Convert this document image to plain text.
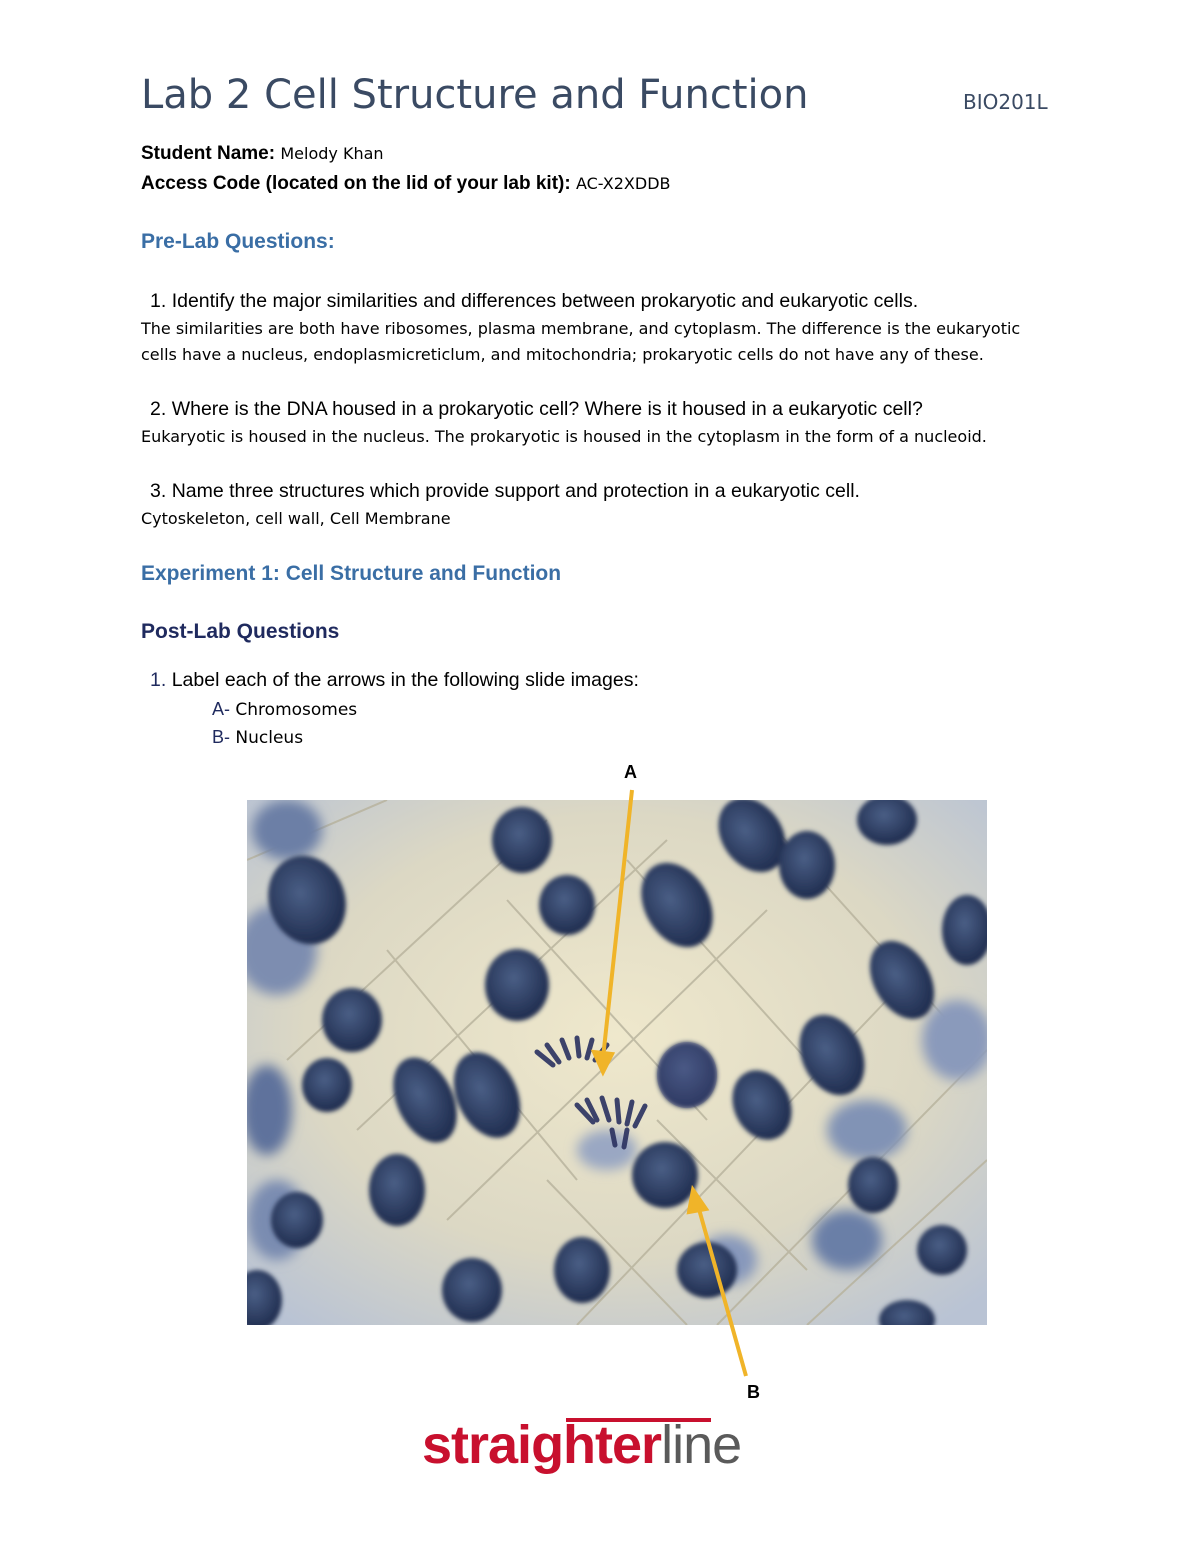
Lab 2 Cell Structure and Function	BIO201L
Student Name: Melody Khan
Access Code (located on the lid of your lab kit): AC-X2XDDB
Pre-Lab Questions:
1. Identify the major similarities and differences between prokaryotic and eukaryotic cells.
The similarities are both have ribosomes, plasma membrane, and cytoplasm. The difference is the eukaryotic cells have a nucleus, endoplasmicreticlum, and mitochondria; prokaryotic cells do not have any of these.
2. Where is the DNA housed in a prokaryotic cell? Where is it housed in a eukaryotic cell?
Eukaryotic is housed in the nucleus. The prokaryotic is housed in the cytoplasm in the form of a nucleoid.
3. Name three structures which provide support and protection in a eukaryotic cell.
Cytoskeleton, cell wall, Cell Membrane
Experiment 1: Cell Structure and Function
Post-Lab Questions
1. Label each of the arrows in the following slide images:
A- Chromosomes
B- Nucleus
A
B
straighterline
